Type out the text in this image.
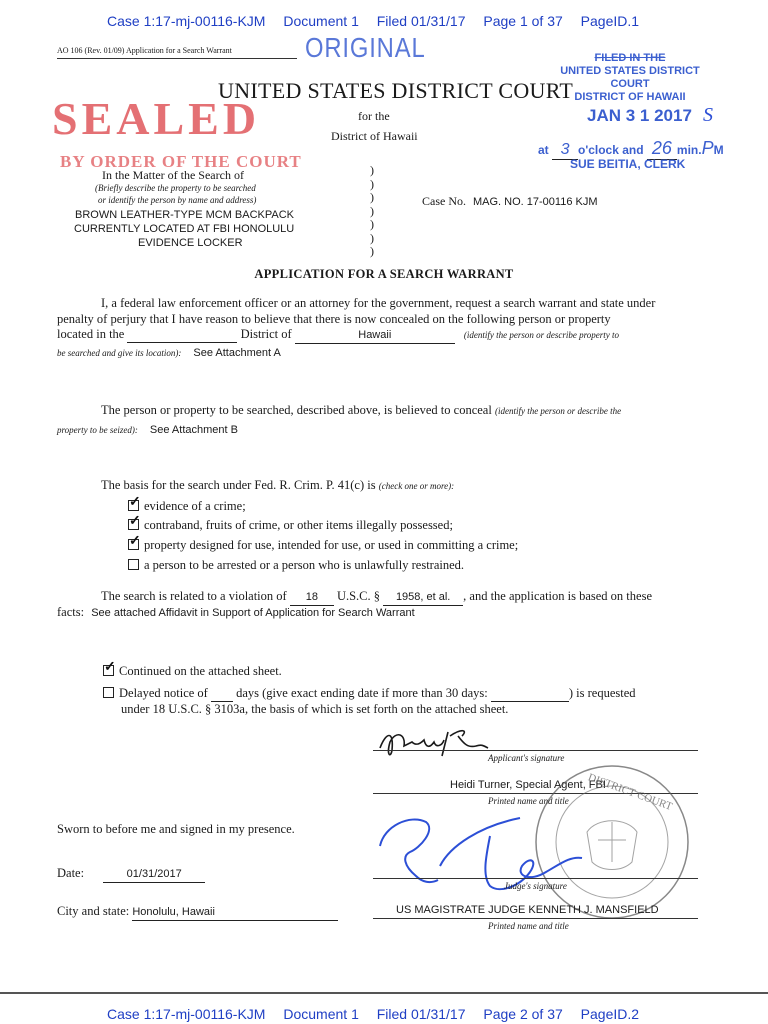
Case 1:17-mj-00116-KJM Document 1 Filed 01/31/17 Page 1 of 37 PageID.1
AO 106 (Rev. 01/09) Application for a Search Warrant	ORIGINAL
SEALED
BY ORDER OF THE COURT
UNITED STATES DISTRICT COURT
for the
District of Hawaii
FILED IN THE
UNITED STATES DISTRICT COURT
DISTRICT OF HAWAII
JAN 3 1 2017 S
at 3 o'clock and 26 min.PM
SUE BEITIA, CLERK
In the Matter of the Search of
(Briefly describe the property to be searched
or identify the person by name and address)
BROWN LEATHER-TYPE MCM BACKPACK
CURRENTLY LOCATED AT FBI HONOLULU
EVIDENCE LOCKER
)
)
)
)
)
)
)
Case No. MAG. NO. 17-00116 KJM
APPLICATION FOR A SEARCH WARRANT
I, a federal law enforcement officer or an attorney for the government, request a search warrant and state under
penalty of perjury that I have reason to believe that there is now concealed on the following person or property
located in the	District of	Hawaii	(identify the person or describe property to
be searched and give its location): See Attachment A
The person or property to be searched, described above, is believed to conceal (identify the person or describe the
property to be seized): See Attachment B
The basis for the search under Fed. R. Crim. P. 41(c) is (check one or more):
✓evidence of a crime;
✓contraband, fruits of crime, or other items illegally possessed;
✓property designed for use, intended for use, or used in committing a crime;
a person to be arrested or a person who is unlawfully restrained.
The search is related to a violation of 18 U.S.C. § 1958, et al. , and the application is based on these
facts: See attached Affidavit in Support of Application for Search Warrant
✓Continued on the attached sheet.
Delayed notice of days (give exact ending date if more than 30 days:	) is requested
under 18 U.S.C. § 3103a, the basis of which is set forth on the attached sheet.
Applicant's signature
Heidi Turner, Special Agent, FBI
Printed name and title DISTRICT COURT
Sworn to before me and signed in my presence.
Judge's signature
Date:	01/31/2017
City and state: Honolulu, Hawaii	US MAGISTRATE JUDGE KENNETH J. MANSFIELD
Printed name and title
Case 1:17-mj-00116-KJM Document 1 Filed 01/31/17 Page 2 of 37 PageID.2
